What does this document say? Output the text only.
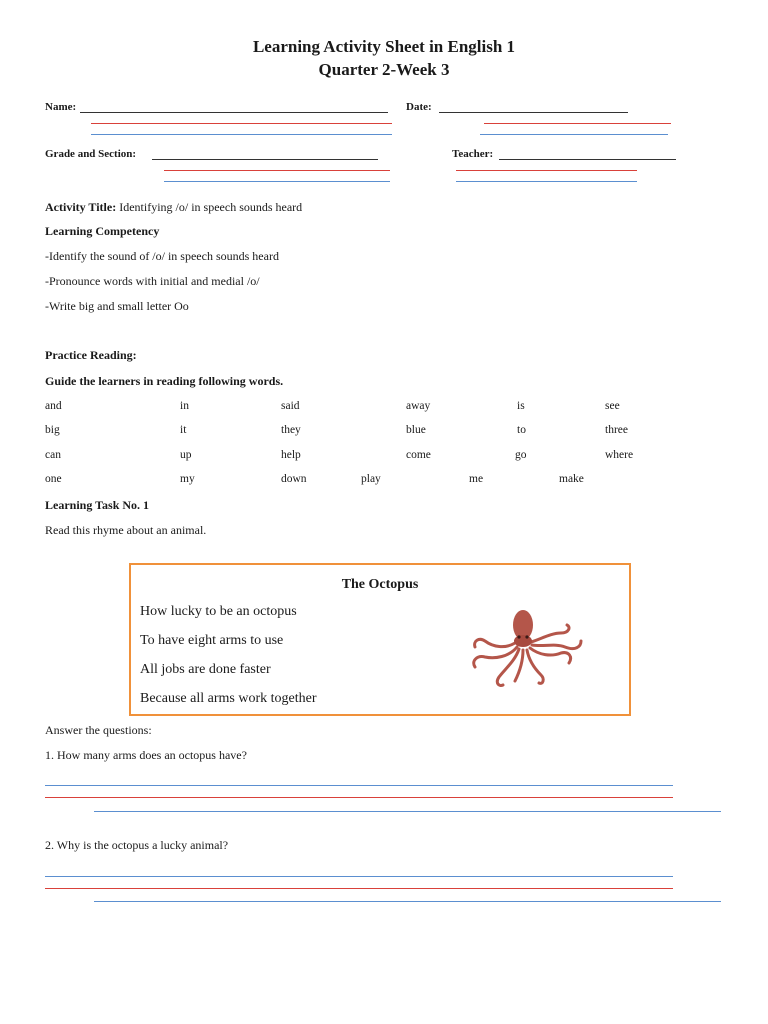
Learning Activity Sheet in English 1
Quarter 2-Week 3
Name:	Date:
Grade and Section:	Teacher:
Activity Title: Identifying /o/ in speech sounds heard
Learning Competency
-Identify the sound of /o/ in speech sounds heard
-Pronounce words with initial and medial /o/
-Write big and small letter Oo
Practice Reading:
Guide the learners in reading following words.
and	in	said	away	is	see
big	it	they	blue	to	three
can	up	help	come	go	where
one	my	down	play	me	make
Learning Task No. 1
Read this rhyme about an animal.
The Octopus
How lucky to be an octopus
To have eight arms to use
All jobs are done faster
Because all arms work together
Answer the questions:
1. How many arms does an octopus have?
2. Why is the octopus a lucky animal?
